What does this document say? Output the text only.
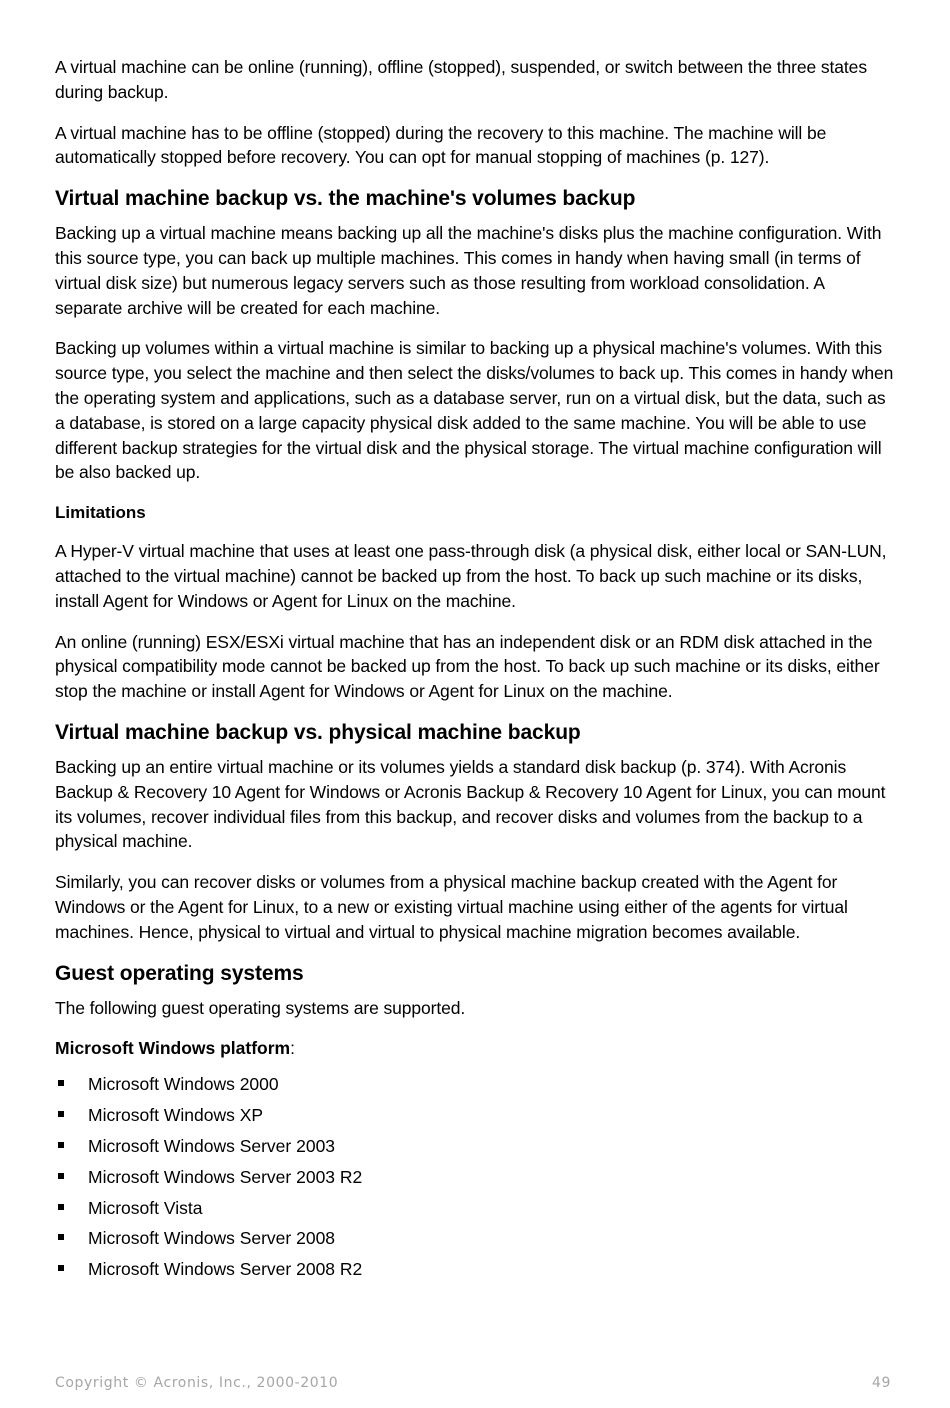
A virtual machine can be online (running), offline (stopped), suspended, or switch between the three states during backup.

A virtual machine has to be offline (stopped) during the recovery to this machine. The machine will be automatically stopped before recovery. You can opt for manual stopping of machines (p. 127).

Virtual machine backup vs. the machine's volumes backup

Backing up a virtual machine means backing up all the machine's disks plus the machine configuration. With this source type, you can back up multiple machines. This comes in handy when having small (in terms of virtual disk size) but numerous legacy servers such as those resulting from workload consolidation. A separate archive will be created for each machine.

Backing up volumes within a virtual machine is similar to backing up a physical machine's volumes. With this source type, you select the machine and then select the disks/volumes to back up. This comes in handy when the operating system and applications, such as a database server, run on a virtual disk, but the data, such as a database, is stored on a large capacity physical disk added to the same machine. You will be able to use different backup strategies for the virtual disk and the physical storage. The virtual machine configuration will be also backed up.

Limitations

A Hyper-V virtual machine that uses at least one pass-through disk (a physical disk, either local or SAN-LUN, attached to the virtual machine) cannot be backed up from the host. To back up such machine or its disks, install Agent for Windows or Agent for Linux on the machine.

An online (running) ESX/ESXi virtual machine that has an independent disk or an RDM disk attached in the physical compatibility mode cannot be backed up from the host. To back up such machine or its disks, either stop the machine or install Agent for Windows or Agent for Linux on the machine.

Virtual machine backup vs. physical machine backup

Backing up an entire virtual machine or its volumes yields a standard disk backup (p. 374). With Acronis Backup & Recovery 10 Agent for Windows or Acronis Backup & Recovery 10 Agent for Linux, you can mount its volumes, recover individual files from this backup, and recover disks and volumes from the backup to a physical machine.

Similarly, you can recover disks or volumes from a physical machine backup created with the Agent for Windows or the Agent for Linux, to a new or existing virtual machine using either of the agents for virtual machines. Hence, physical to virtual and virtual to physical machine migration becomes available.

Guest operating systems

The following guest operating systems are supported.

Microsoft Windows platform:
Microsoft Windows 2000
Microsoft Windows XP
Microsoft Windows Server 2003
Microsoft Windows Server 2003 R2
Microsoft Vista
Microsoft Windows Server 2008
Microsoft Windows Server 2008 R2
Copyright © Acronis, Inc., 2000-2010	49
